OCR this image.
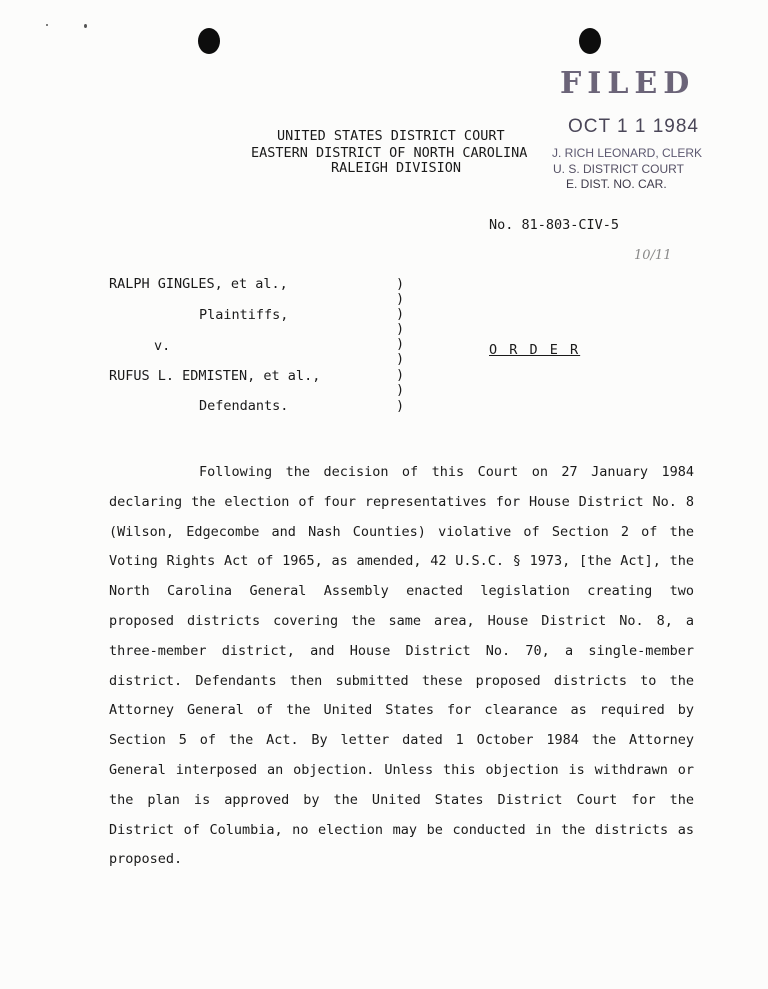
FILED
OCT 1 1 1984
J. RICH LEONARD, CLERK
U. S. DISTRICT COURT
E. DIST. NO. CAR.
UNITED STATES DISTRICT COURT
EASTERN DISTRICT OF NORTH CAROLINA
RALEIGH DIVISION
No. 81-803-CIV-5
10/11
RALPH GINGLES, et al.,
Plaintiffs,
v.
RUFUS L. EDMISTEN, et al.,
Defendants.
)
)
)
)
)
)
)
)
)
O R D E R
Following the decision of this Court on 27 January 1984 declaring the election of four representatives for House District No. 8 (Wilson, Edgecombe and Nash Counties) violative of Section 2 of the Voting Rights Act of 1965, as amended, 42 U.S.C. § 1973, [the Act], the North Carolina General Assembly enacted legislation creating two proposed districts covering the same area, House District No. 8, a three-member district, and House District No. 70, a single-member district. Defendants then submitted these proposed districts to the Attorney General of the United States for clearance as required by Section 5 of the Act. By letter dated 1 October 1984 the Attorney General interposed an objection. Unless this objection is withdrawn or the plan is approved by the United States District Court for the District of Columbia, no election may be conducted in the districts as proposed.
